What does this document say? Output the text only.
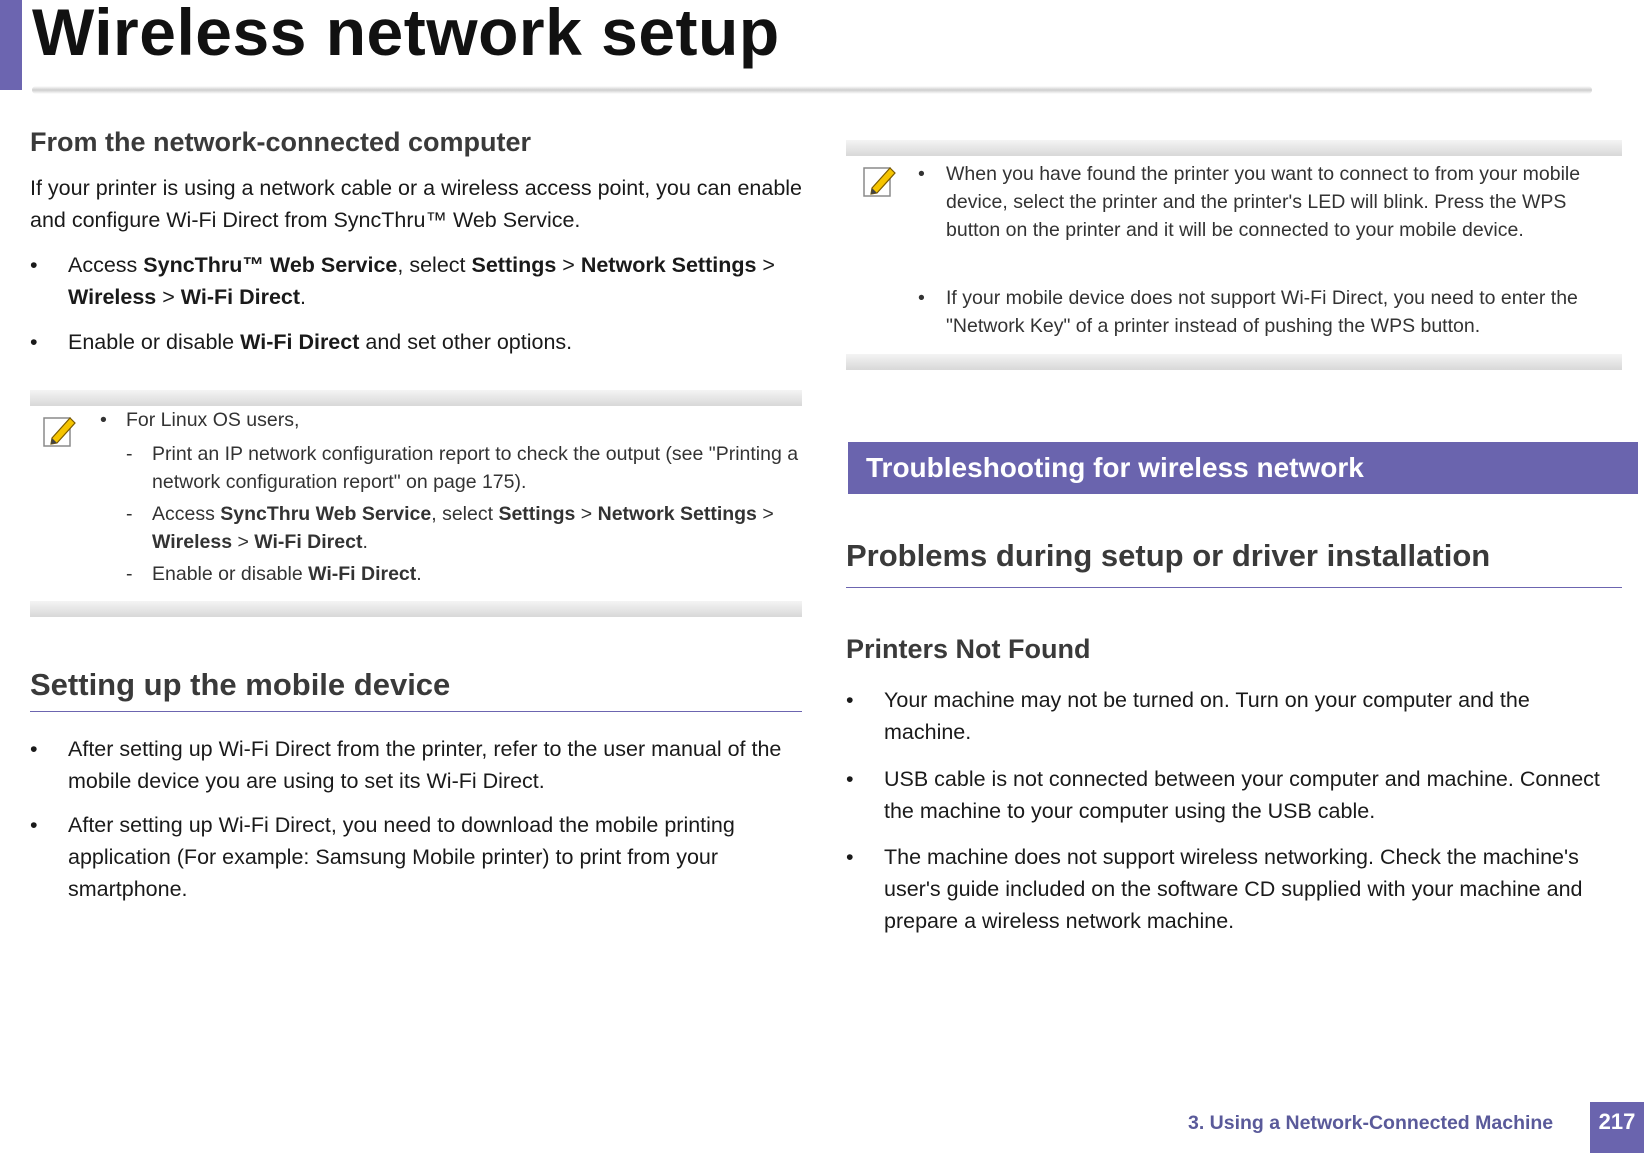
Wireless network setup
From the network-connected computer
If your printer is using a network cable or a wireless access point, you can enable and configure Wi-Fi Direct from SyncThru™ Web Service.
• Access SyncThru™ Web Service, select Settings > Network Settings > Wireless > Wi-Fi Direct.
• Enable or disable Wi-Fi Direct and set other options.
• For Linux OS users,
-	Print an IP network configuration report to check the output (see "Printing a network configuration report" on page 175).
-	Access SyncThru Web Service, select Settings > Network Settings > Wireless > Wi-Fi Direct.
-	Enable or disable Wi-Fi Direct.
Setting up the mobile device
• After setting up Wi-Fi Direct from the printer, refer to the user manual of the mobile device you are using to set its Wi-Fi Direct.
• After setting up Wi-Fi Direct, you need to download the mobile printing application (For example: Samsung Mobile printer) to print from your smartphone.
•	When you have found the printer you want to connect to from your mobile device, select the printer and the printer's LED will blink. Press the WPS button on the printer and it will be connected to your mobile device.
•	If your mobile device does not support Wi-Fi Direct, you need to enter the "Network Key" of a printer instead of pushing the WPS button.
Troubleshooting for wireless network
Problems during setup or driver installation
Printers Not Found
• Your machine may not be turned on. Turn on your computer and the machine.
• USB cable is not connected between your computer and machine. Connect the machine to your computer using the USB cable.
• The machine does not support wireless networking. Check the machine's user's guide included on the software CD supplied with your machine and prepare a wireless network machine.
3. Using a Network-Connected Machine	217
